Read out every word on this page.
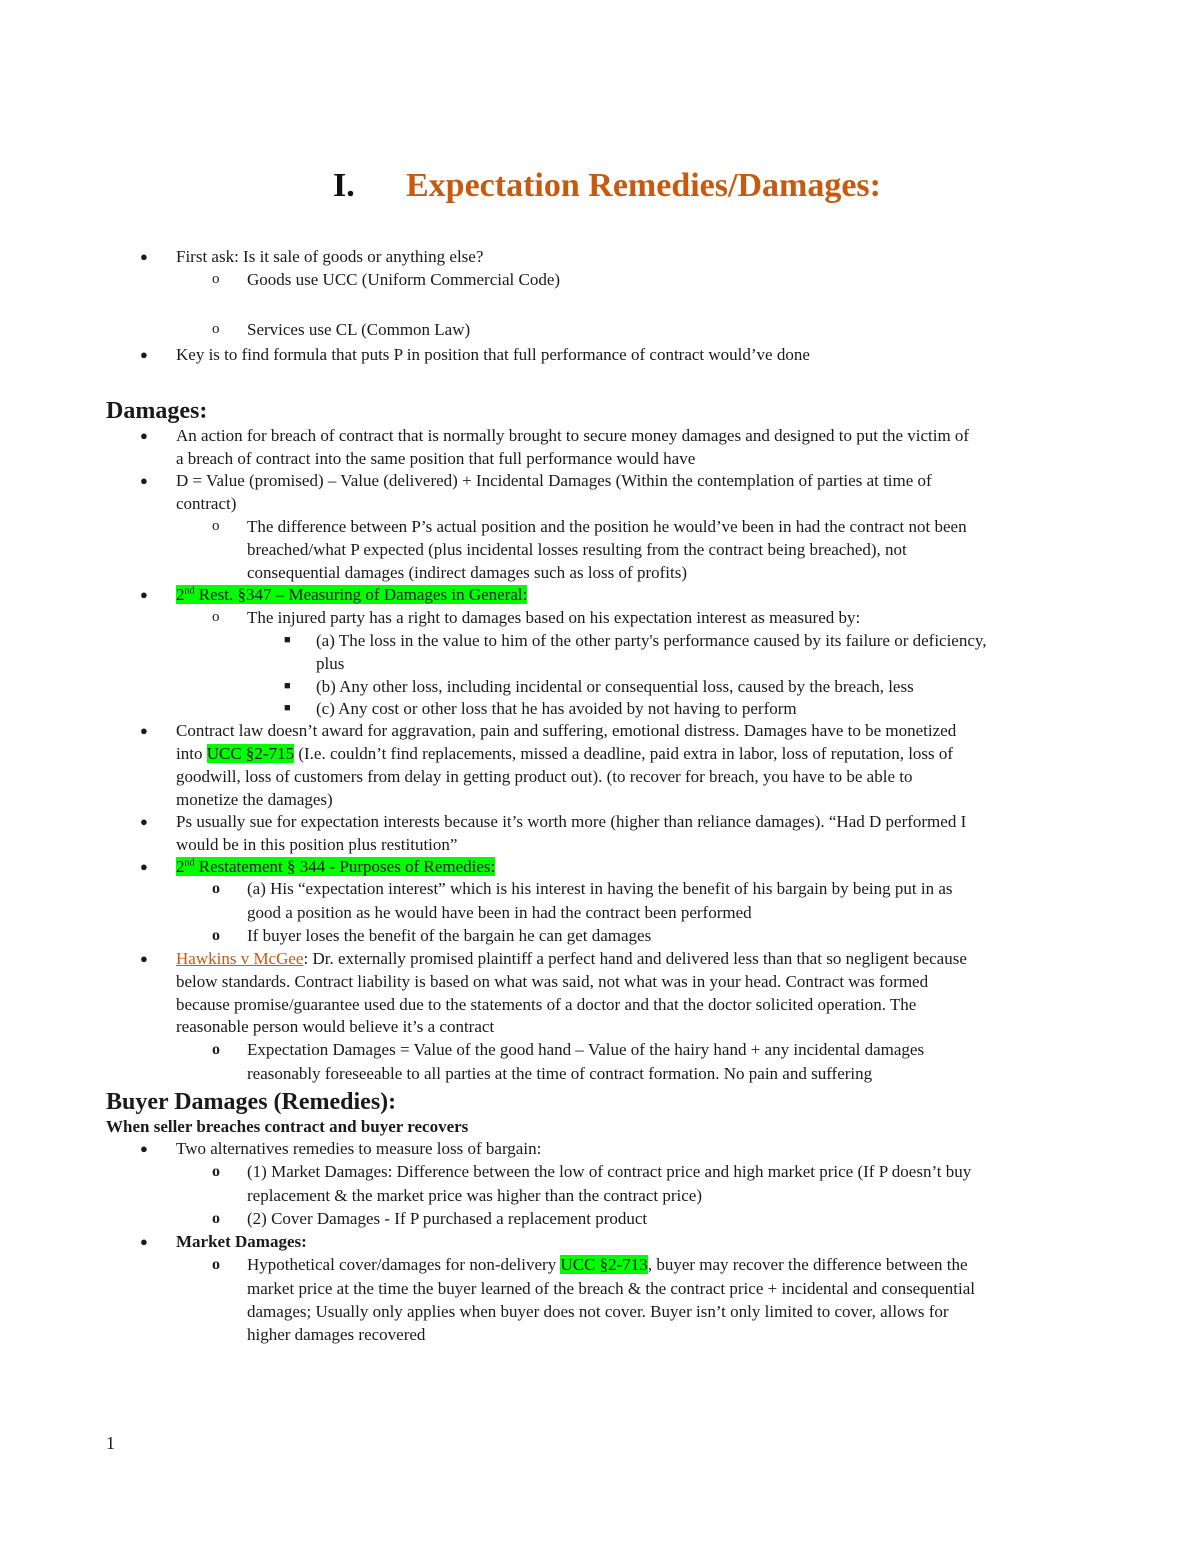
I. Expectation Remedies/Damages:
● First ask: Is it sale of goods or anything else?
o Goods use UCC (Uniform Commercial Code)
o Services use CL (Common Law)
● Key is to find formula that puts P in position that full performance of contract would’ve done
Damages:
● An action for breach of contract that is normally brought to secure money damages and designed to put the victim of
a breach of contract into the same position that full performance would have
● D = Value (promised) – Value (delivered) + Incidental Damages (Within the contemplation of parties at time of
contract)
o The difference between P’s actual position and the position he would’ve been in had the contract not been
breached/what P expected (plus incidental losses resulting from the contract being breached), not
consequential damages (indirect damages such as loss of profits)
● 2nd Rest. §347 – Measuring of Damages in General:
o The injured party has a right to damages based on his expectation interest as measured by:
■ (a) The loss in the value to him of the other party's performance caused by its failure or deficiency,
plus
■ (b) Any other loss, including incidental or consequential loss, caused by the breach, less
■ (c) Any cost or other loss that he has avoided by not having to perform
● Contract law doesn’t award for aggravation, pain and suffering, emotional distress. Damages have to be monetized
into UCC §2-715 (I.e. couldn’t find replacements, missed a deadline, paid extra in labor, loss of reputation, loss of
goodwill, loss of customers from delay in getting product out). (to recover for breach, you have to be able to
monetize the damages)
● Ps usually sue for expectation interests because it’s worth more (higher than reliance damages). “Had D performed I
would be in this position plus restitution”
● 2nd Restatement § 344 - Purposes of Remedies:
o (a) His “expectation interest” which is his interest in having the benefit of his bargain by being put in as
good a position as he would have been in had the contract been performed
o If buyer loses the benefit of the bargain he can get damages
● Hawkins v McGee: Dr. externally promised plaintiff a perfect hand and delivered less than that so negligent because
below standards. Contract liability is based on what was said, not what was in your head. Contract was formed
because promise/guarantee used due to the statements of a doctor and that the doctor solicited operation. The
reasonable person would believe it’s a contract
o Expectation Damages = Value of the good hand – Value of the hairy hand + any incidental damages
reasonably foreseeable to all parties at the time of contract formation. No pain and suffering
Buyer Damages (Remedies):
When seller breaches contract and buyer recovers
● Two alternatives remedies to measure loss of bargain:
o (1) Market Damages: Difference between the low of contract price and high market price (If P doesn’t buy
replacement & the market price was higher than the contract price)
o (2) Cover Damages - If P purchased a replacement product
● Market Damages:
o Hypothetical cover/damages for non-delivery UCC §2-713, buyer may recover the difference between the
market price at the time the buyer learned of the breach & the contract price + incidental and consequential
damages; Usually only applies when buyer does not cover. Buyer isn’t only limited to cover, allows for
higher damages recovered
1
